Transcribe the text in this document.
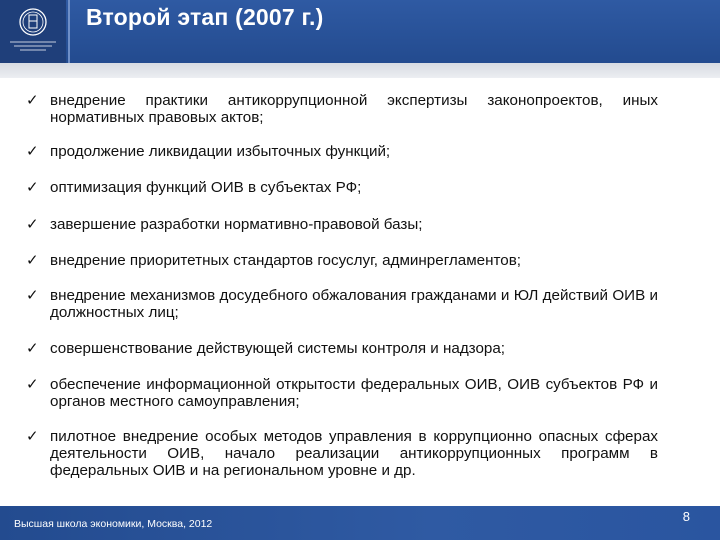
Второй этап (2007 г.)
✓ внедрение практики антикоррупционной экспертизы законопроектов, иных нормативных правовых актов;
✓ продолжение ликвидации избыточных функций;
✓ оптимизация функций ОИВ в субъектах РФ;
✓ завершение разработки нормативно-правовой базы;
✓ внедрение приоритетных стандартов госуслуг, админрегламентов;
✓ внедрение механизмов досудебного обжалования гражданами и ЮЛ действий ОИВ и должностных лиц;
✓ совершенствование действующей системы контроля и надзора;
✓ обеспечение информационной открытости федеральных ОИВ, ОИВ субъектов РФ и органов местного самоуправления;
✓ пилотное внедрение особых методов управления в коррупционно опасных сферах деятельности ОИВ, начало реализации антикоррупционных программ в федеральных ОИВ и на региональном уровне и др.
Высшая школа экономики, Москва, 2012	8
